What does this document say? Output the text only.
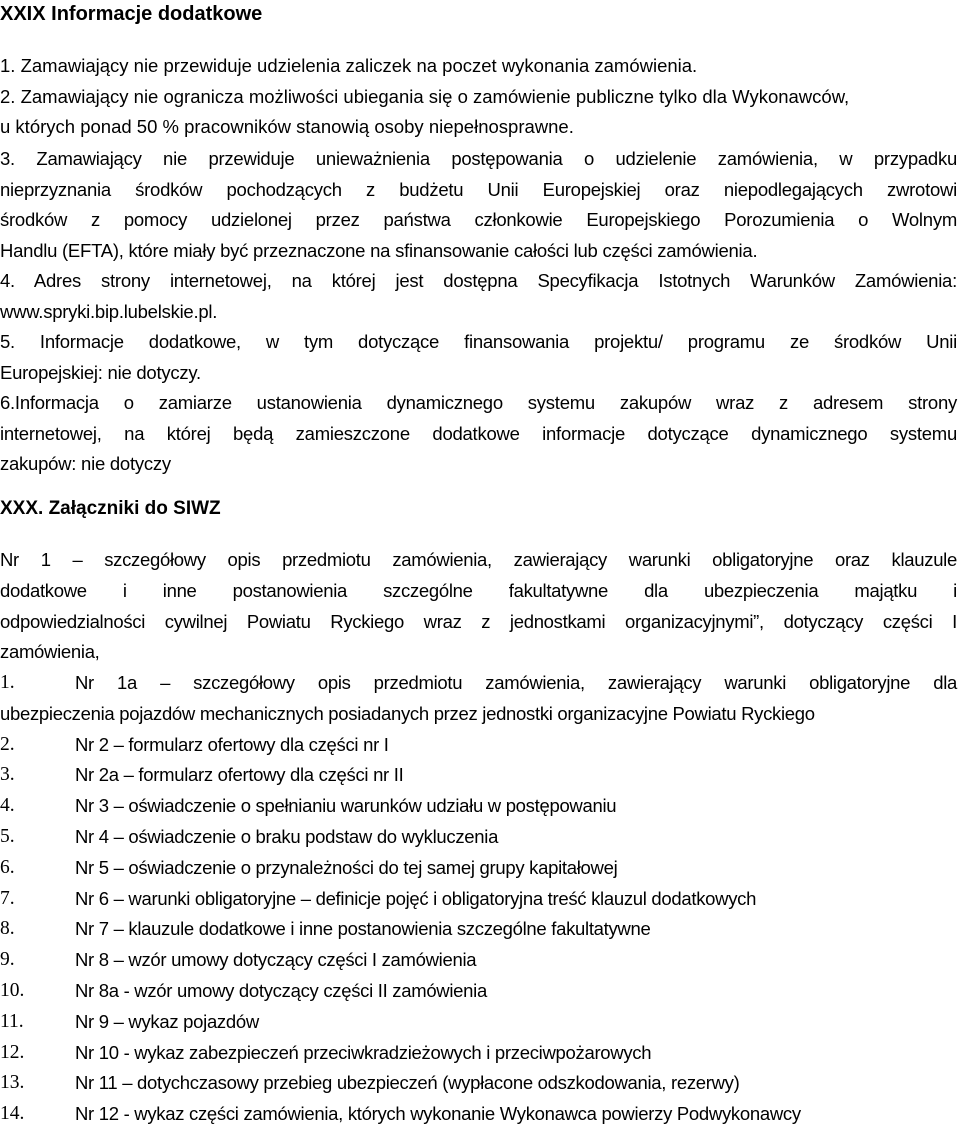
XXIX Informacje dodatkowe
1. Zamawiający nie przewiduje udzielenia zaliczek na poczet wykonania zamówienia.
2. Zamawiający nie ogranicza możliwości ubiegania się o zamówienie publiczne tylko dla Wykonawców,
u których ponad 50 % pracowników stanowią osoby niepełnosprawne.
3. Zamawiający nie przewiduje unieważnienia postępowania o udzielenie zamówienia, w przypadku
nieprzyznania środków pochodzących z budżetu Unii Europejskiej oraz niepodlegających zwrotowi
środków z pomocy udzielonej przez państwa członkowie Europejskiego Porozumienia o Wolnym
Handlu (EFTA), które miały być przeznaczone na sfinansowanie całości lub części zamówienia.
4. Adres strony internetowej, na której jest dostępna Specyfikacja Istotnych Warunków Zamówienia:
www.spryki.bip.lubelskie.pl.
5. Informacje dodatkowe, w tym dotyczące finansowania projektu/ programu ze środków Unii
Europejskiej: nie dotyczy.
6.Informacja o zamiarze ustanowienia dynamicznego systemu zakupów wraz z adresem strony
internetowej, na której będą zamieszczone dodatkowe informacje dotyczące dynamicznego systemu
zakupów: nie dotyczy
XXX. Załączniki do SIWZ
Nr 1 – szczegółowy opis przedmiotu zamówienia, zawierający warunki obligatoryjne oraz klauzule
dodatkowe i inne postanowienia szczególne fakultatywne dla ubezpieczenia majątku i
odpowiedzialności cywilnej Powiatu Ryckiego wraz z jednostkami organizacyjnymi”, dotyczący części I
zamówienia,
1.	Nr 1a – szczegółowy opis przedmiotu zamówienia, zawierający warunki obligatoryjne dla
ubezpieczenia pojazdów mechanicznych posiadanych przez jednostki organizacyjne Powiatu Ryckiego
2.	Nr 2 – formularz ofertowy dla części nr I
3.	Nr 2a – formularz ofertowy dla części nr II
4.	Nr 3 – oświadczenie o spełnianiu warunków udziału w postępowaniu
5.	Nr 4 – oświadczenie o braku podstaw do wykluczenia
6.	Nr 5 – oświadczenie o przynależności do tej samej grupy kapitałowej
7.	Nr 6 – warunki obligatoryjne – definicje pojęć i obligatoryjna treść klauzul dodatkowych
8.	Nr 7 – klauzule dodatkowe i inne postanowienia szczególne fakultatywne
9.	Nr 8 – wzór umowy dotyczący części I zamówienia
10.	Nr 8a - wzór umowy dotyczący części II zamówienia
11.	Nr 9 – wykaz pojazdów
12.	Nr 10 - wykaz zabezpieczeń przeciwkradzieżowych i przeciwpożarowych
13.	Nr 11 – dotychczasowy przebieg ubezpieczeń (wypłacone odszkodowania, rezerwy)
14.	Nr 12 - wykaz części zamówienia, których wykonanie Wykonawca powierzy Podwykonawcy
